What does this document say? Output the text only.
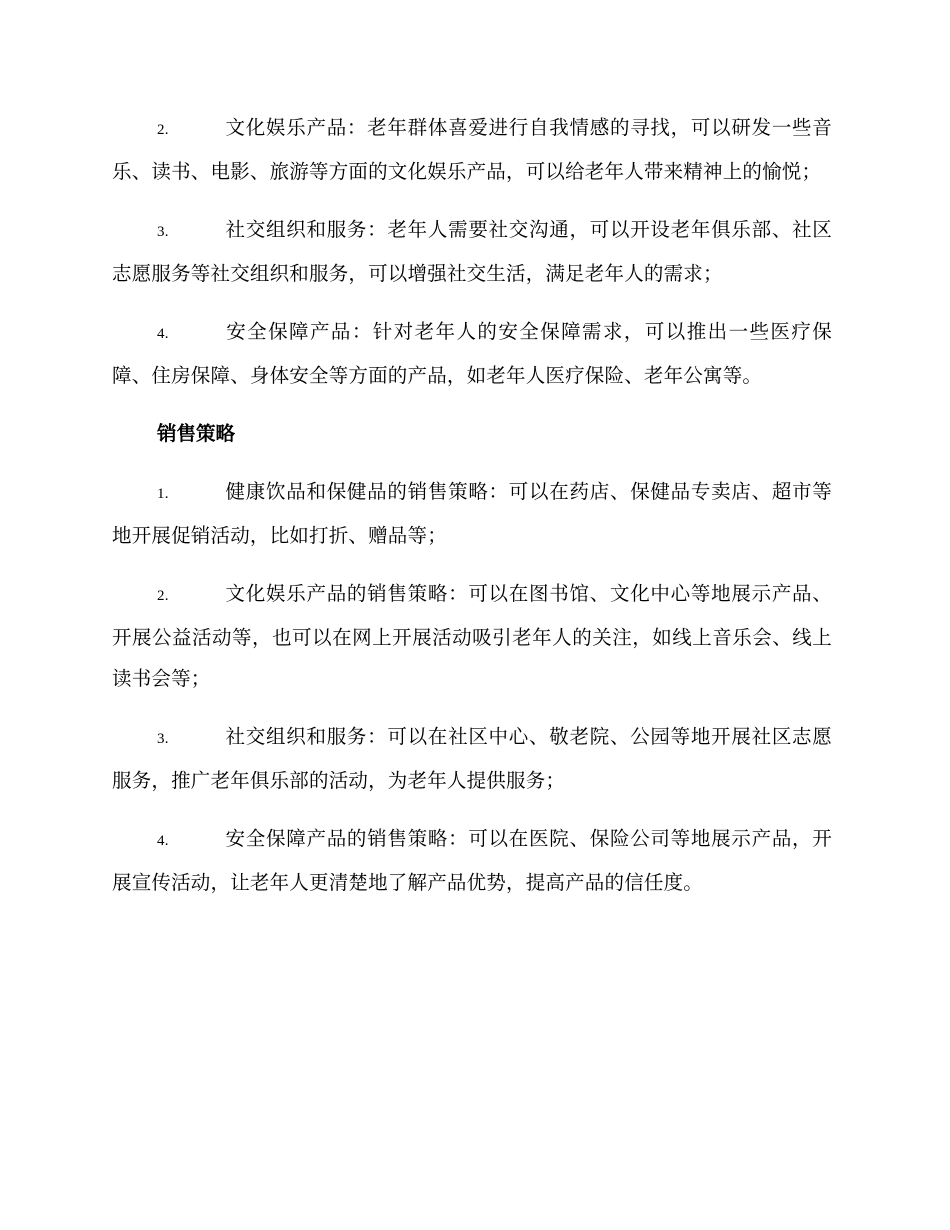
2.	文化娱乐产品：老年群体喜爱进行自我情感的寻找，可以研发一些音乐、读书、电影、旅游等方面的文化娱乐产品，可以给老年人带来精神上的愉悦；

3.	社交组织和服务：老年人需要社交沟通，可以开设老年俱乐部、社区志愿服务等社交组织和服务，可以增强社交生活，满足老年人的需求；

4.	安全保障产品：针对老年人的安全保障需求，可以推出一些医疗保障、住房保障、身体安全等方面的产品，如老年人医疗保险、老年公寓等。

销售策略

1.	健康饮品和保健品的销售策略：可以在药店、保健品专卖店、超市等地开展促销活动，比如打折、赠品等；

2.	文化娱乐产品的销售策略：可以在图书馆、文化中心等地展示产品、开展公益活动等，也可以在网上开展活动吸引老年人的关注，如线上音乐会、线上读书会等；

3.	社交组织和服务：可以在社区中心、敬老院、公园等地开展社区志愿服务，推广老年俱乐部的活动，为老年人提供服务；

4.	安全保障产品的销售策略：可以在医院、保险公司等地展示产品，开展宣传活动，让老年人更清楚地了解产品优势，提高产品的信任度。
